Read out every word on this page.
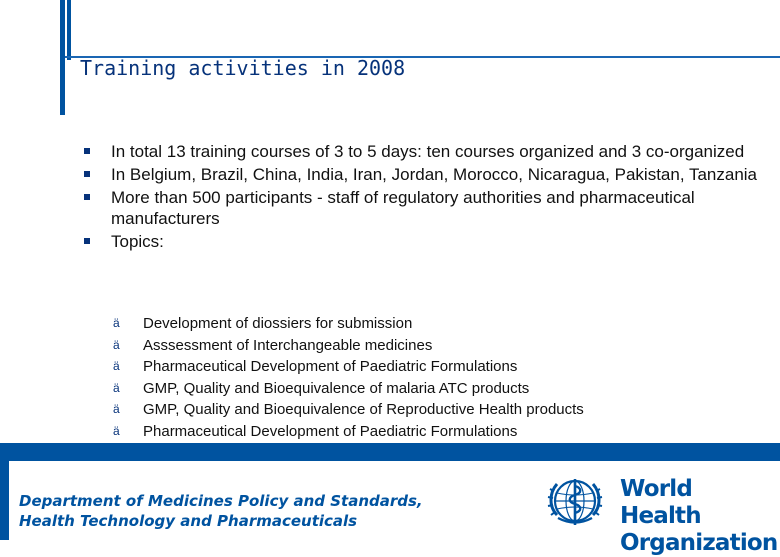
Training activities in 2008
In total 13 training courses of 3 to 5 days: ten courses organized and 3 co-organized
In Belgium, Brazil, China, India, Iran, Jordan, Morocco, Nicaragua, Pakistan, Tanzania
More than 500 participants - staff of regulatory authorities and pharmaceutical manufacturers
Topics:
ä Development of diossiers for submission
ä Asssessment of Interchangeable medicines
ä Pharmaceutical Development of Paediatric Formulations
ä GMP, Quality and Bioequivalence of malaria ATC products
ä GMP, Quality and Bioequivalence of Reproductive Health products
ä Pharmaceutical Development of Paediatric Formulations
Department of Medicines Policy and Standards,
Health Technology and Pharmaceuticals
World Health
Organization
